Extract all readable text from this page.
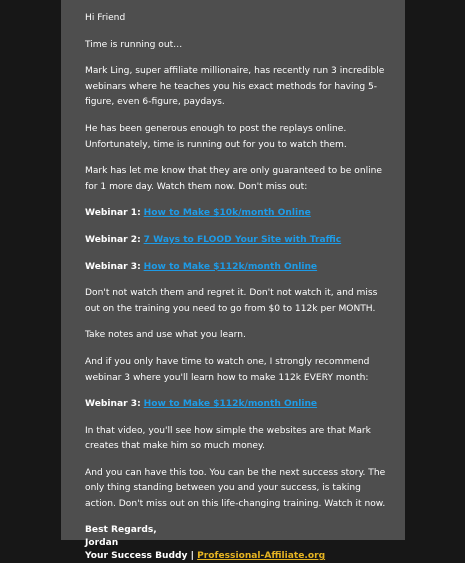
Hi Friend

Time is running out…

Mark Ling, super affiliate millionaire, has recently run 3 incredible webinars where he teaches you his exact methods for having 5-figure, even 6-figure, paydays.

He has been generous enough to post the replays online. Unfortunately, time is running out for you to watch them.

Mark has let me know that they are only guaranteed to be online for 1 more day. Watch them now. Don't miss out:

Webinar 1: How to Make $10k/month Online

Webinar 2: 7 Ways to FLOOD Your Site with Traffic

Webinar 3: How to Make $112k/month Online

Don't not watch them and regret it. Don't not watch it, and miss out on the training you need to go from $0 to 112k per MONTH.

Take notes and use what you learn.

And if you only have time to watch one, I strongly recommend webinar 3 where you'll learn how to make 112k EVERY month:

Webinar 3: How to Make $112k/month Online

In that video, you'll see how simple the websites are that Mark creates that make him so much money.

And you can have this too. You can be the next success story. The only thing standing between you and your success, is taking action. Don't miss out on this life-changing training. Watch it now.

Best Regards,

Jordan

Your Success Buddy | Professional-Affiliate.org
